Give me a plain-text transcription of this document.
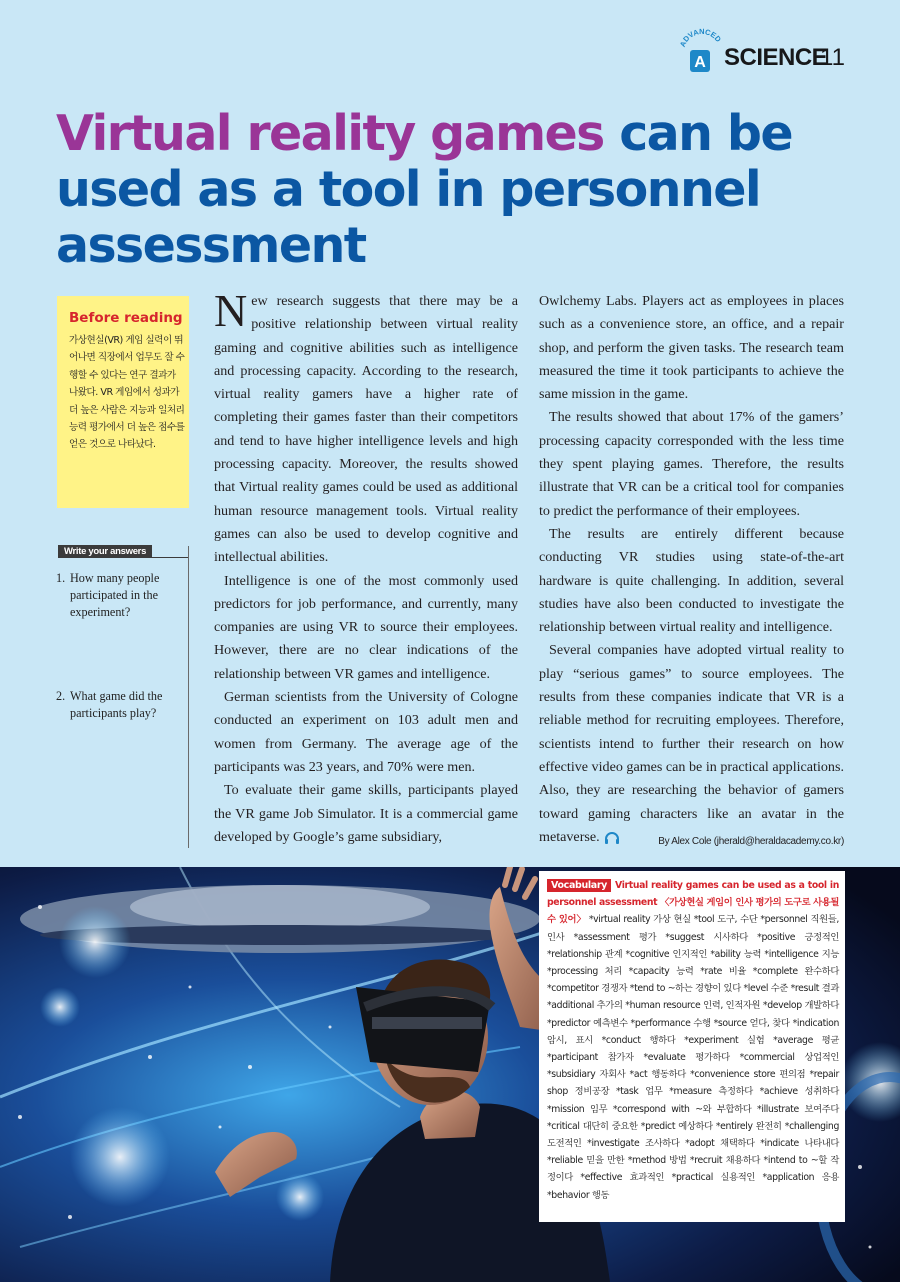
ADVANCED
A SCIENCE
11
Virtual reality games can be used as a tool in personnel assessment
Before reading
가상현실(VR) 게임 실력이 뛰어나면 직장에서 업무도 잘 수행할 수 있다는 연구 결과가 나왔다. VR 게임에서 성과가 더 높은 사람은 지능과 일처리 능력 평가에서 더 높은 점수를 얻은 것으로 나타났다.
Write your answers
1. How many people participated in the experiment?
2. What game did the participants play?

New research suggests that there may be a positive relationship between virtual reality gaming and cognitive abilities such as intelligence and processing capacity. According to the research, virtual reality gamers have a higher rate of completing their games faster than their competitors and tend to have higher intelligence levels and high processing capacity. Moreover, the results showed that Virtual reality games could be used as additional human resource management tools. Virtual reality games can also be used to develop cognitive and intellectual abilities.

Intelligence is one of the most commonly used predictors for job performance, and currently, many companies are using VR to source their employees. However, there are no clear indications of the relationship between VR games and intelligence.

German scientists from the University of Cologne conducted an experiment on 103 adult men and women from Germany. The average age of the participants was 23 years, and 70% were men.

To evaluate their game skills, participants played the VR game Job Simulator. It is a commercial game developed by Google’s game subsidiary,

Owlchemy Labs. Players act as employees in places such as a convenience store, an office, and a repair shop, and perform the given tasks. The research team measured the time it took participants to achieve the same mission in the game.

The results showed that about 17% of the gamers’ processing capacity corresponded with the less time they spent playing games. Therefore, the results illustrate that VR can be a critical tool for companies to predict the performance of their employees.

The results are entirely different because conducting VR studies using state-of-the-art hardware is quite challenging. In addition, several studies have also been conducted to investigate the relationship between virtual reality and intelligence.

Several companies have adopted virtual reality to play “serious games” to source employees. The results from these companies indicate that VR is a reliable method for recruiting employees. Therefore, scientists intend to further their research on how effective video games can be in practical applications. Also, they are researching the behavior of gamers toward gaming characters like an avatar in the metaverse.	By Alex Cole (jherald@heraldacademy.co.kr)

Vocabulary Virtual reality games can be used as a tool in personnel assessment 〈가상현실 게임이 인사 평가의 도구로 사용될 수 있어〉 *virtual reality 가상 현실 *tool 도구, 수단 *personnel 직원들, 인사 *assessment 평가 *suggest 시사하다 *positive 긍정적인 *relationship 관계 *cognitive 인지적인 *ability 능력 *intelligence 지능 *processing 처리 *capacity 능력 *rate 비율 *complete 완수하다 *competitor 경쟁자 *tend to ~하는 경향이 있다 *level 수준 *result 결과 *additional 추가의 *human resource 인력, 인적자원 *develop 개발하다 *predictor 예측변수 *performance 수행 *source 얻다, 찾다 *indication 암시, 표시 *conduct 행하다 *experiment 실험 *average 평균 *participant 참가자 *evaluate 평가하다 *commercial 상업적인 *subsidiary 자회사 *act 행동하다 *convenience store 편의점 *repair shop 정비공장 *task 업무 *measure 측정하다 *achieve 성취하다 *mission 임무 *correspond with ~와 부합하다 *illustrate 보여주다 *critical 대단히 중요한 *predict 예상하다 *entirely 완전히 *challenging 도전적인 *investigate 조사하다 *adopt 채택하다 *indicate 나타내다 *reliable 믿을 만한 *method 방법 *recruit 채용하다 *intend to ~할 작정이다 *effective 효과적인 *practical 실용적인 *application 응용 *behavior 행동
